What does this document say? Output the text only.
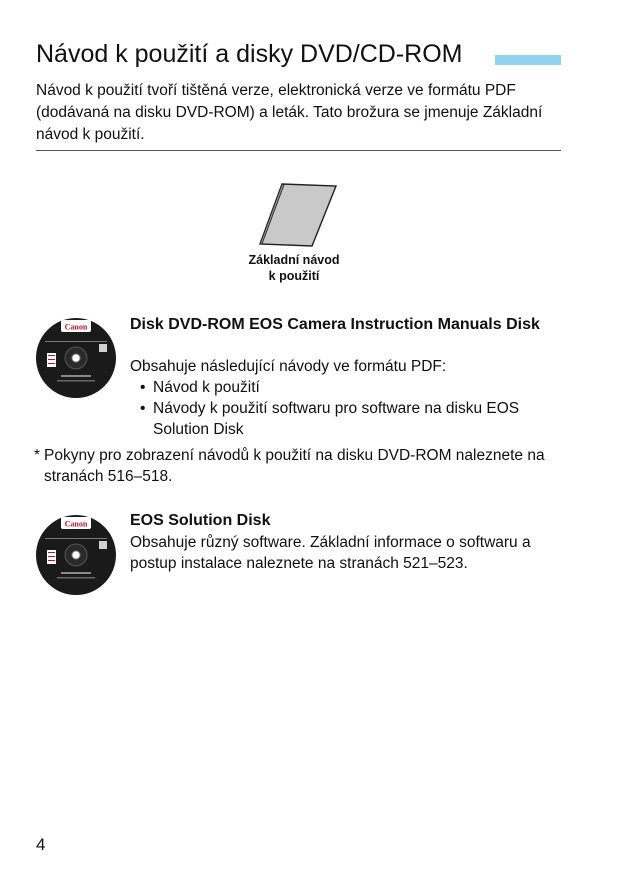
Návod k použití a disky DVD/CD-ROM
Návod k použití tvoří tištěná verze, elektronická verze ve formátu PDF (dodávaná na disku DVD-ROM) a leták. Tato brožura se jmenuje Základní návod k použití.
Základní návod
k použití
Canon	Disk DVD-ROM EOS Camera Instruction Manuals Disk
Obsahuje následující návody ve formátu PDF:
• Návod k použití
• Návody k použití softwaru pro software na disku EOS Solution Disk
* Pokyny pro zobrazení návodů k použití na disku DVD-ROM naleznete na stranách 516–518.
Canon	EOS Solution Disk
Obsahuje různý software. Základní informace o softwaru a postup instalace naleznete na stranách 521–523.
4
